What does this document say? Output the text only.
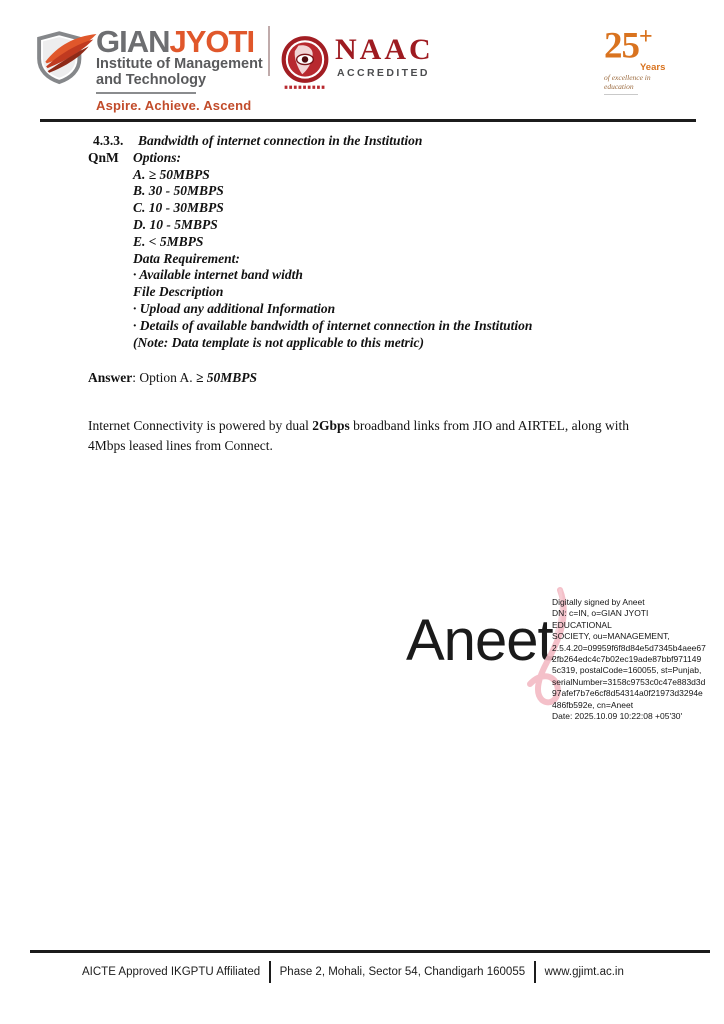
GIANJYOTI
Institute of Management
and Technology
Aspire. Achieve. Ascend
NAAC
ACCREDITED
25+
Years
of excellence in
education
4.3.3. Bandwidth of internet connection in the Institution
QnM Options:
A. ≥ 50MBPS
B. 30 - 50MBPS
C. 10 - 30MBPS
D. 10 - 5MBPS
E. < 5MBPS
Data Requirement:
· Available internet band width
File Description
· Upload any additional Information
· Details of available bandwidth of internet connection in the Institution
(Note: Data template is not applicable to this metric)
Answer: Option A. ≥ 50MBPS

Internet Connectivity is powered by dual 2Gbps broadband links from JIO and AIRTEL, along with 4Mbps leased lines from Connect.

Aneet
Digitally signed by Aneet
DN: c=IN, o=GIAN JYOTI EDUCATIONAL
SOCIETY, ou=MANAGEMENT,
2.5.4.20=09959f6f8d84e5d7345b4aee67
2fb264edc4c7b02ec19ade87bbf971149
5c319, postalCode=160055, st=Punjab,
serialNumber=3158c9753c0c47e883d3d
97afef7b7e6cf8d54314a0f21973d3294e
486fb592e, cn=Aneet
Date: 2025.10.09 10:22:08 +05'30'
AICTE Approved IKGPTU Affiliated Phase 2, Mohali, Sector 54, Chandigarh 160055 www.gjimt.ac.in
